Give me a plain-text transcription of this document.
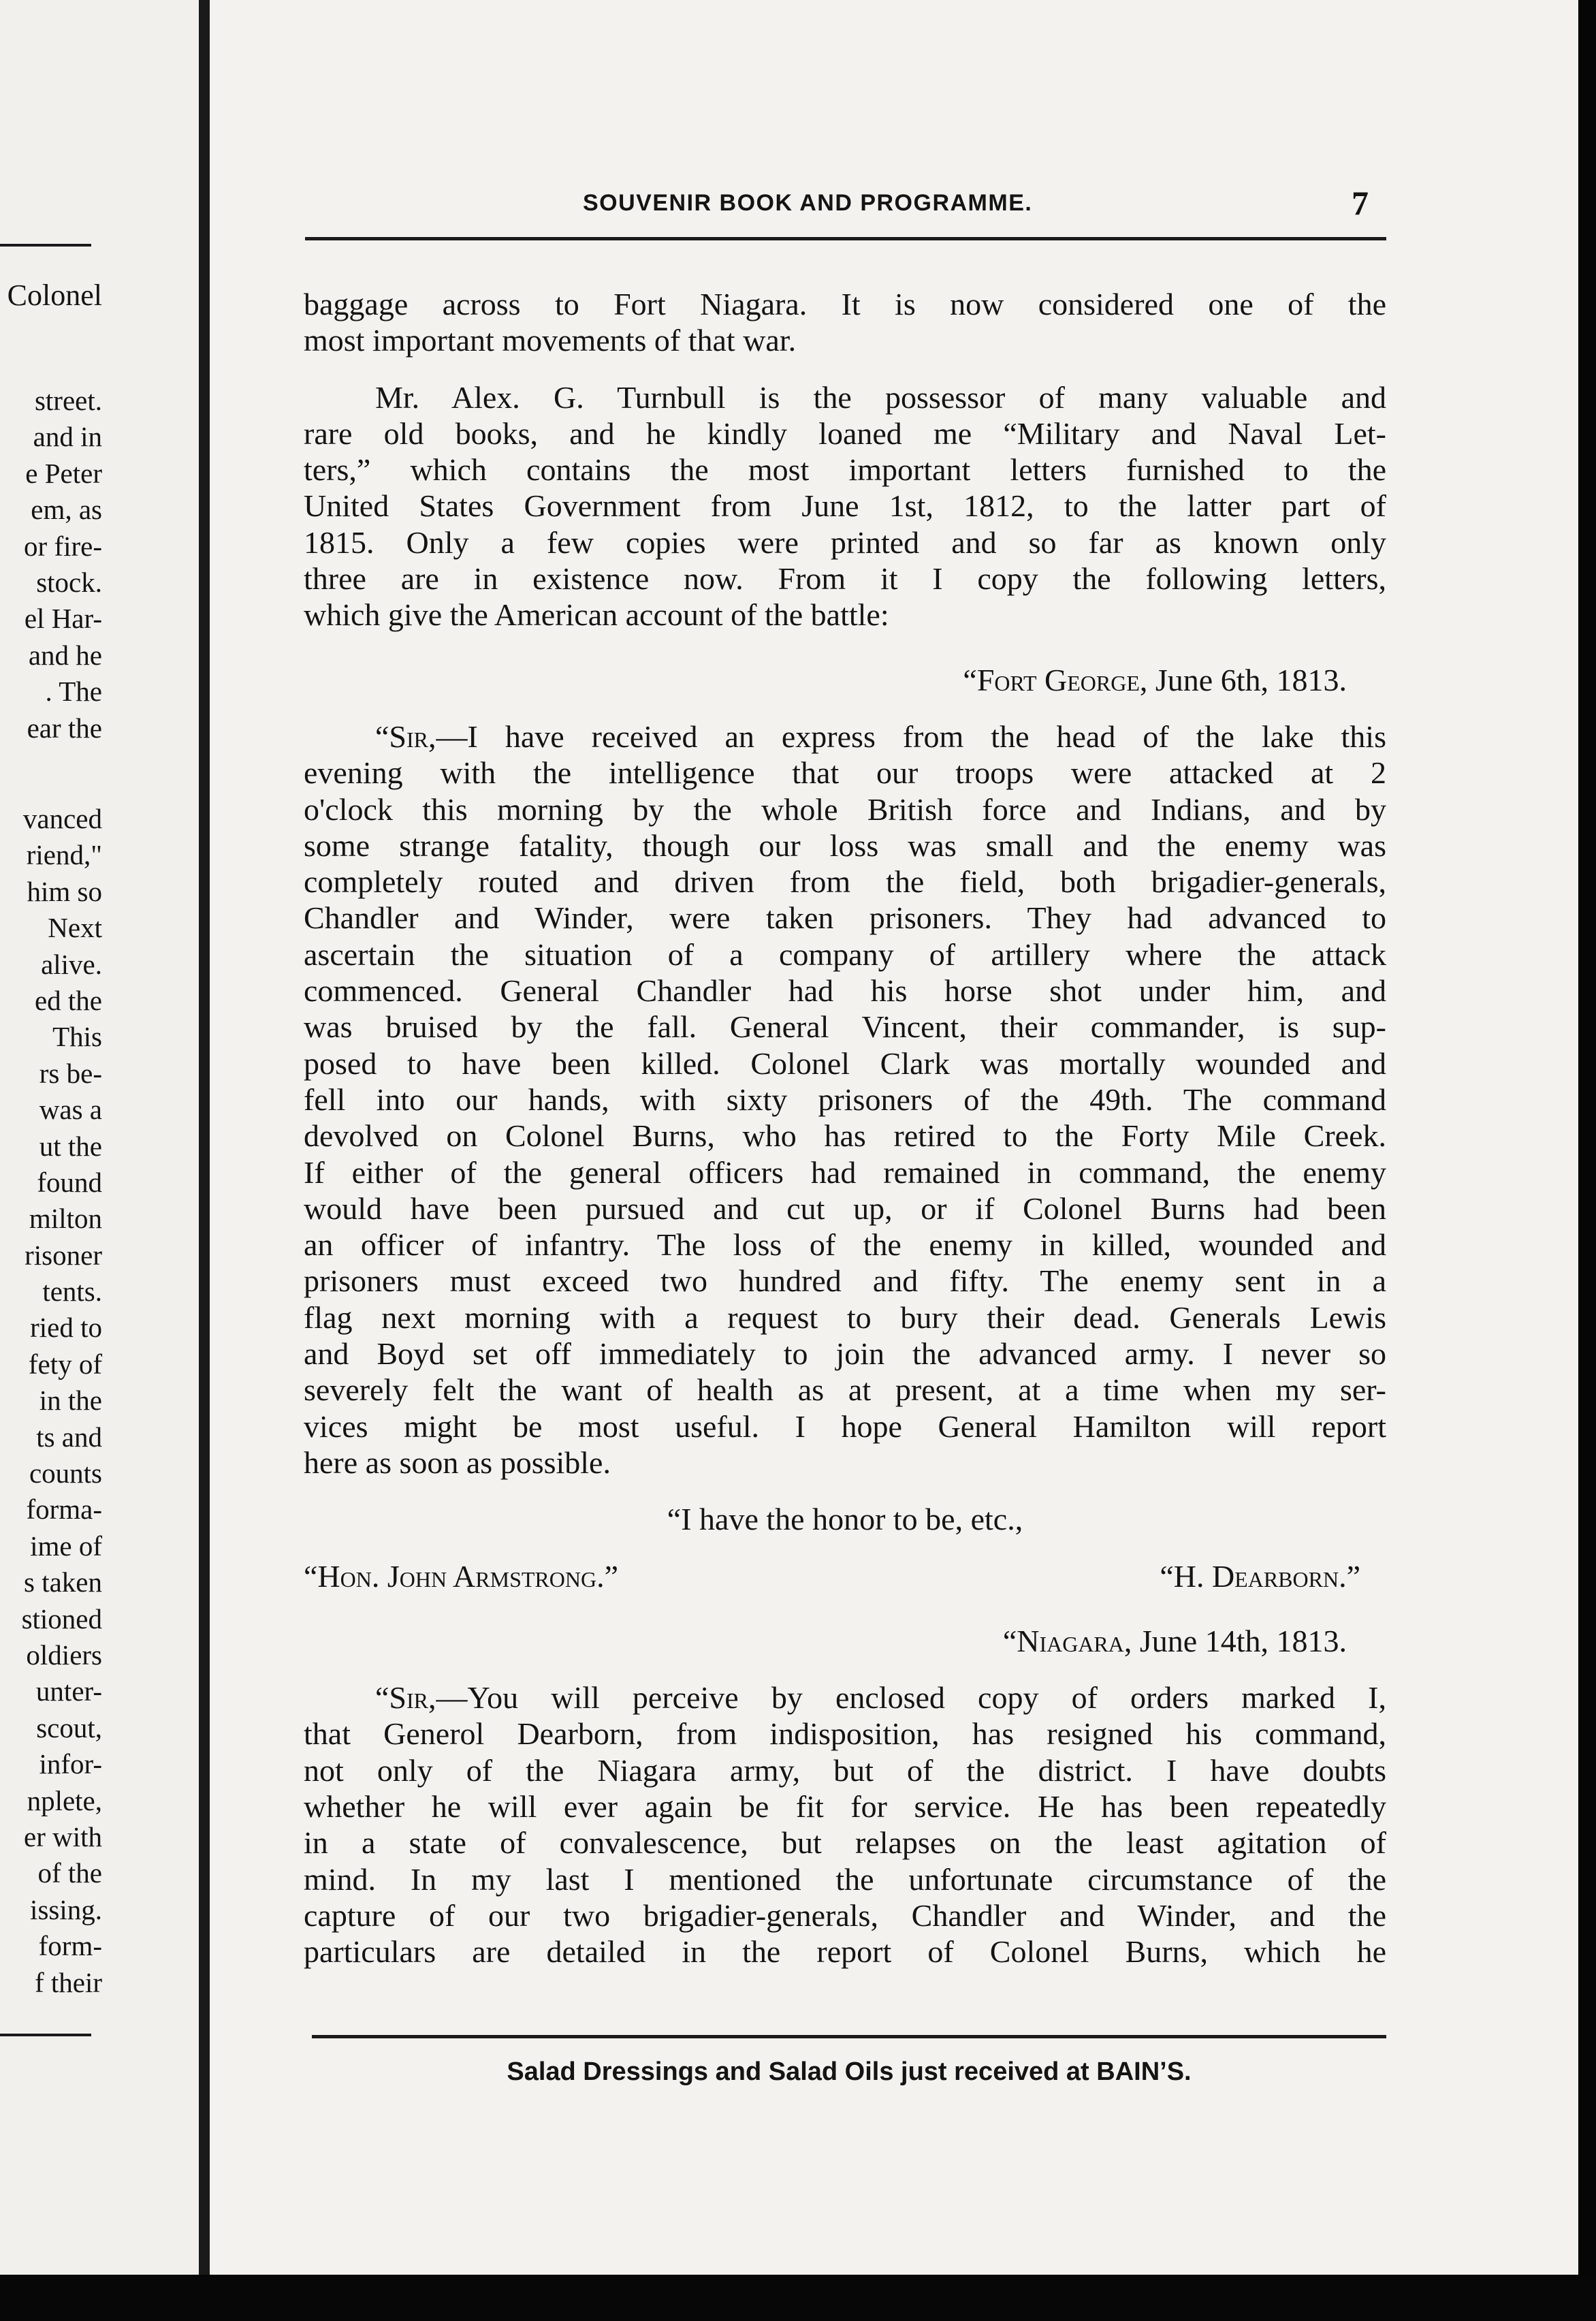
Colonel
street.
and in
e Peter
em, as
or fire-
stock.
el Har-
and he
. The
ear the
vanced
riend,"
him so
Next
alive.
ed the
This
rs be-
was a
ut the
found
milton
risoner
tents.
ried to
fety of
in the
ts and
counts
forma-
ime of
s taken
stioned
oldiers
unter-
scout,
infor-
nplete,
er with
of the
issing.
form-
f their
SOUVENIR BOOK AND PROGRAMME.	7
baggage across to Fort Niagara. It is now considered one of the
most important movements of that war.
Mr. Alex. G. Turnbull is the possessor of many valuable and
rare old books, and he kindly loaned me “Military and Naval Let-
ters,” which contains the most important letters furnished to the
United States Government from June 1st, 1812, to the latter part of
1815. Only a few copies were printed and so far as known only
three are in existence now. From it I copy the following letters,
which give the American account of the battle:
“Fort George, June 6th, 1813.
“Sir,—I have received an express from the head of the lake this
evening with the intelligence that our troops were attacked at 2
o'clock this morning by the whole British force and Indians, and by
some strange fatality, though our loss was small and the enemy was
completely routed and driven from the field, both brigadier-generals,
Chandler and Winder, were taken prisoners. They had advanced to
ascertain the situation of a company of artillery where the attack
commenced. General Chandler had his horse shot under him, and
was bruised by the fall. General Vincent, their commander, is sup-
posed to have been killed. Colonel Clark was mortally wounded and
fell into our hands, with sixty prisoners of the 49th. The command
devolved on Colonel Burns, who has retired to the Forty Mile Creek.
If either of the general officers had remained in command, the enemy
would have been pursued and cut up, or if Colonel Burns had been
an officer of infantry. The loss of the enemy in killed, wounded and
prisoners must exceed two hundred and fifty. The enemy sent in a
flag next morning with a request to bury their dead. Generals Lewis
and Boyd set off immediately to join the advanced army. I never so
severely felt the want of health as at present, at a time when my ser-
vices might be most useful. I hope General Hamilton will report
here as soon as possible.
“I have the honor to be, etc.,
“Hon. John Armstrong.”	“H. Dearborn.”
“Niagara, June 14th, 1813.
“Sir,—You will perceive by enclosed copy of orders marked I,
that Generol Dearborn, from indisposition, has resigned his command,
not only of the Niagara army, but of the district. I have doubts
whether he will ever again be fit for service. He has been repeatedly
in a state of convalescence, but relapses on the least agitation of
mind. In my last I mentioned the unfortunate circumstance of the
capture of our two brigadier-generals, Chandler and Winder, and the
particulars are detailed in the report of Colonel Burns, which he
Salad Dressings and Salad Oils just received at BAIN’S.
